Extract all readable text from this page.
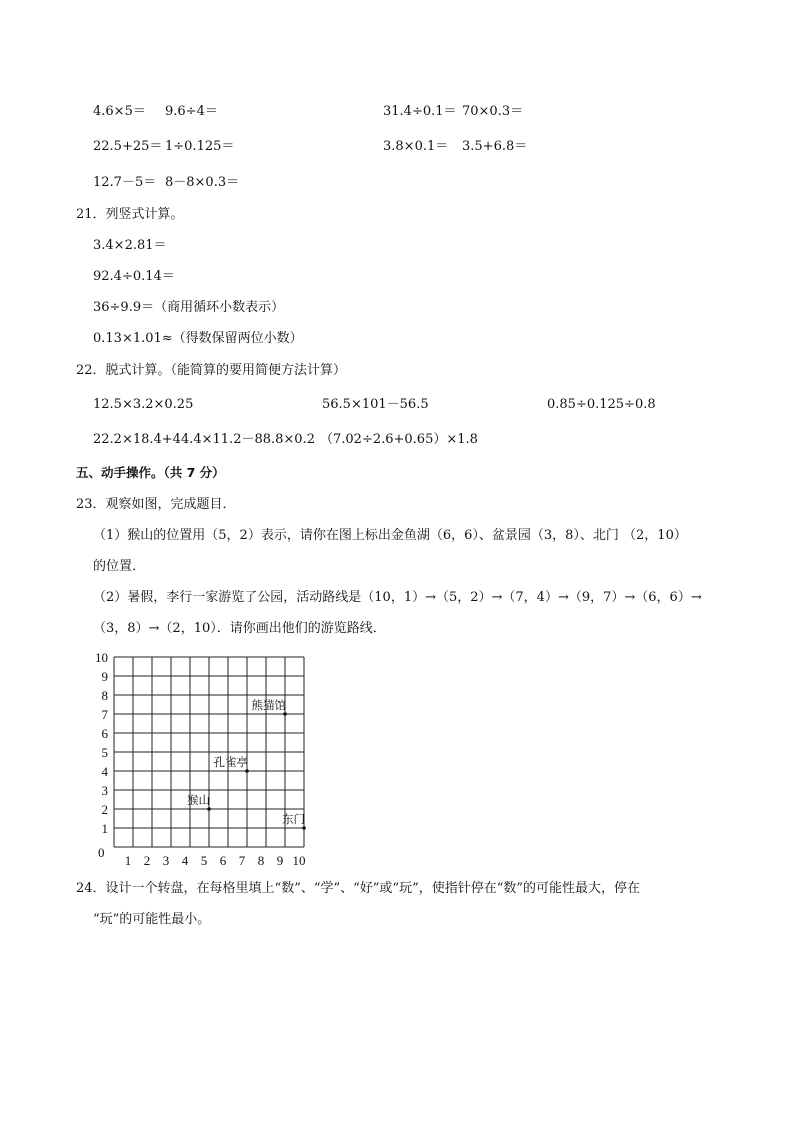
4.6×5＝ 9.6÷4＝	31.4÷0.1＝ 70×0.3＝
22.5+25＝ 1÷0.125＝	3.8×0.1＝ 3.5+6.8＝
12.7－5＝ 8－8×0.3＝
21．列竖式计算。
3.4×2.81＝
92.4÷0.14＝
36÷9.9＝（商用循环小数表示）
0.13×1.01≈（得数保留两位小数）
22．脱式计算。（能简算的要用简便方法计算）
12.5×3.2×0.25	56.5×101－56.5	0.85÷0.125÷0.8
22.2×18.4+44.4×11.2－88.8×0.2 （7.02÷2.6+0.65）×1.8
五、动手操作。（共 7 分）
23．观察如图，完成题目．
（1）猴山的位置用（5，2）表示，请你在图上标出金鱼湖（6，6）、盆景园（3，8）、北门 （2，10）
的位置．
（2）暑假，李行一家游览了公园，活动路线是（10，1）→（5，2）→（7，4）→（9，7）→（6，6）→
（3，8）→（2，10）．请你画出他们的游览路线．
0
1
2
3
4
5
6
7
8
9
10
1 2 3 4 5 6 7 8 9 10
熊猫馆
孔雀亭
猴山
东门
24．设计一个转盘，在每格里填上“数”、“学”、“好”或“玩”，使指针停在“数”的可能性最大，停在
“玩”的可能性最小。
